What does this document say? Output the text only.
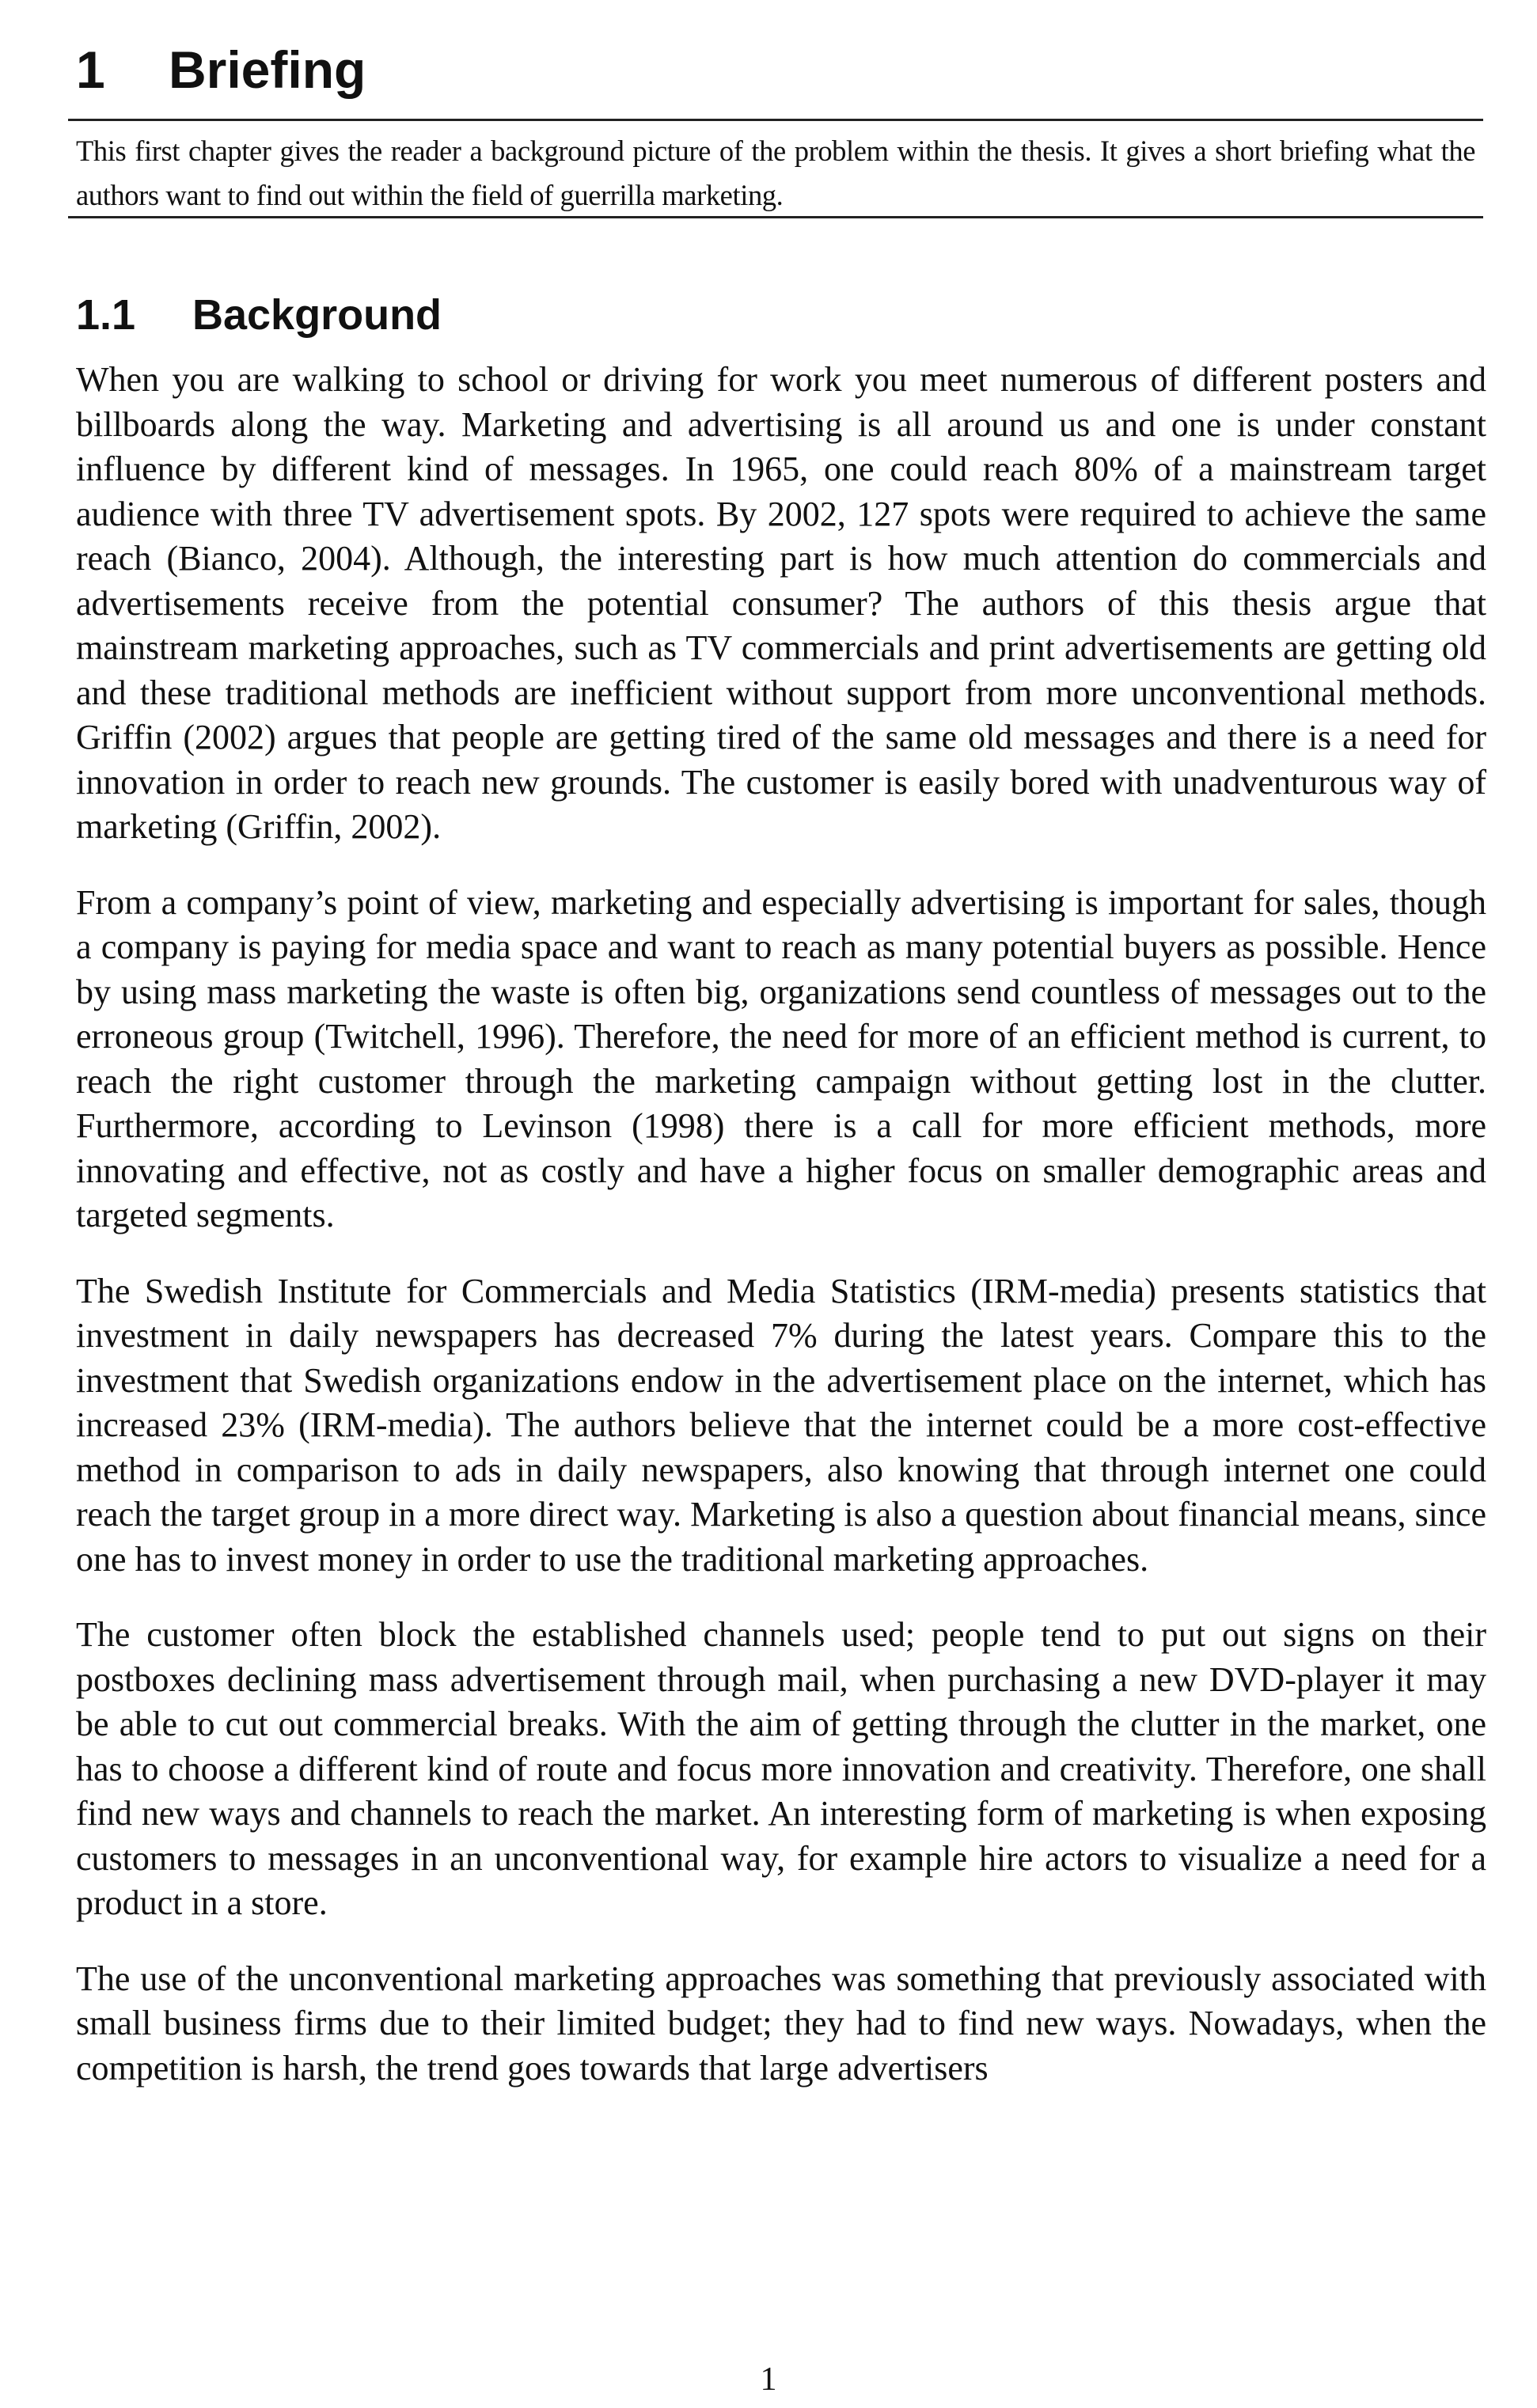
1 Briefing

This first chapter gives the reader a background picture of the problem within the thesis. It gives a short briefing what the authors want to find out within the field of guerrilla marketing.

1.1 Background

When you are walking to school or driving for work you meet numerous of different posters and billboards along the way. Marketing and advertising is all around us and one is under constant influence by different kind of messages. In 1965, one could reach 80% of a mainstream target audience with three TV advertisement spots. By 2002, 127 spots were required to achieve the same reach (Bianco, 2004). Although, the interesting part is how much attention do commercials and advertisements receive from the potential consumer? The authors of this thesis argue that mainstream marketing approaches, such as TV commercials and print advertisements are getting old and these traditional methods are inefficient without support from more unconventional methods. Griffin (2002) argues that people are getting tired of the same old messages and there is a need for innovation in order to reach new grounds. The customer is easily bored with unadventurous way of marketing (Griffin, 2002).

From a company’s point of view, marketing and especially advertising is important for sales, though a company is paying for media space and want to reach as many potential buyers as possible. Hence by using mass marketing the waste is often big, organizations send countless of messages out to the erroneous group (Twitchell, 1996). Therefore, the need for more of an efficient method is current, to reach the right customer through the marketing campaign without getting lost in the clutter. Furthermore, according to Levinson (1998) there is a call for more efficient methods, more innovating and effective, not as costly and have a higher focus on smaller demographic areas and targeted segments.

The Swedish Institute for Commercials and Media Statistics (IRM-media) presents statistics that investment in daily newspapers has decreased 7% during the latest years. Compare this to the investment that Swedish organizations endow in the advertisement place on the internet, which has increased 23% (IRM-media). The authors believe that the internet could be a more cost-effective method in comparison to ads in daily newspapers, also knowing that through internet one could reach the target group in a more direct way. Marketing is also a question about financial means, since one has to invest money in order to use the traditional marketing approaches.

The customer often block the established channels used; people tend to put out signs on their postboxes declining mass advertisement through mail, when purchasing a new DVD-player it may be able to cut out commercial breaks. With the aim of getting through the clutter in the market, one has to choose a different kind of route and focus more innovation and creativity. Therefore, one shall find new ways and channels to reach the market. An interesting form of marketing is when exposing customers to messages in an unconventional way, for example hire actors to visualize a need for a product in a store.

The use of the unconventional marketing approaches was something that previously associated with small business firms due to their limited budget; they had to find new ways. Nowadays, when the competition is harsh, the trend goes towards that large advertisers

1
